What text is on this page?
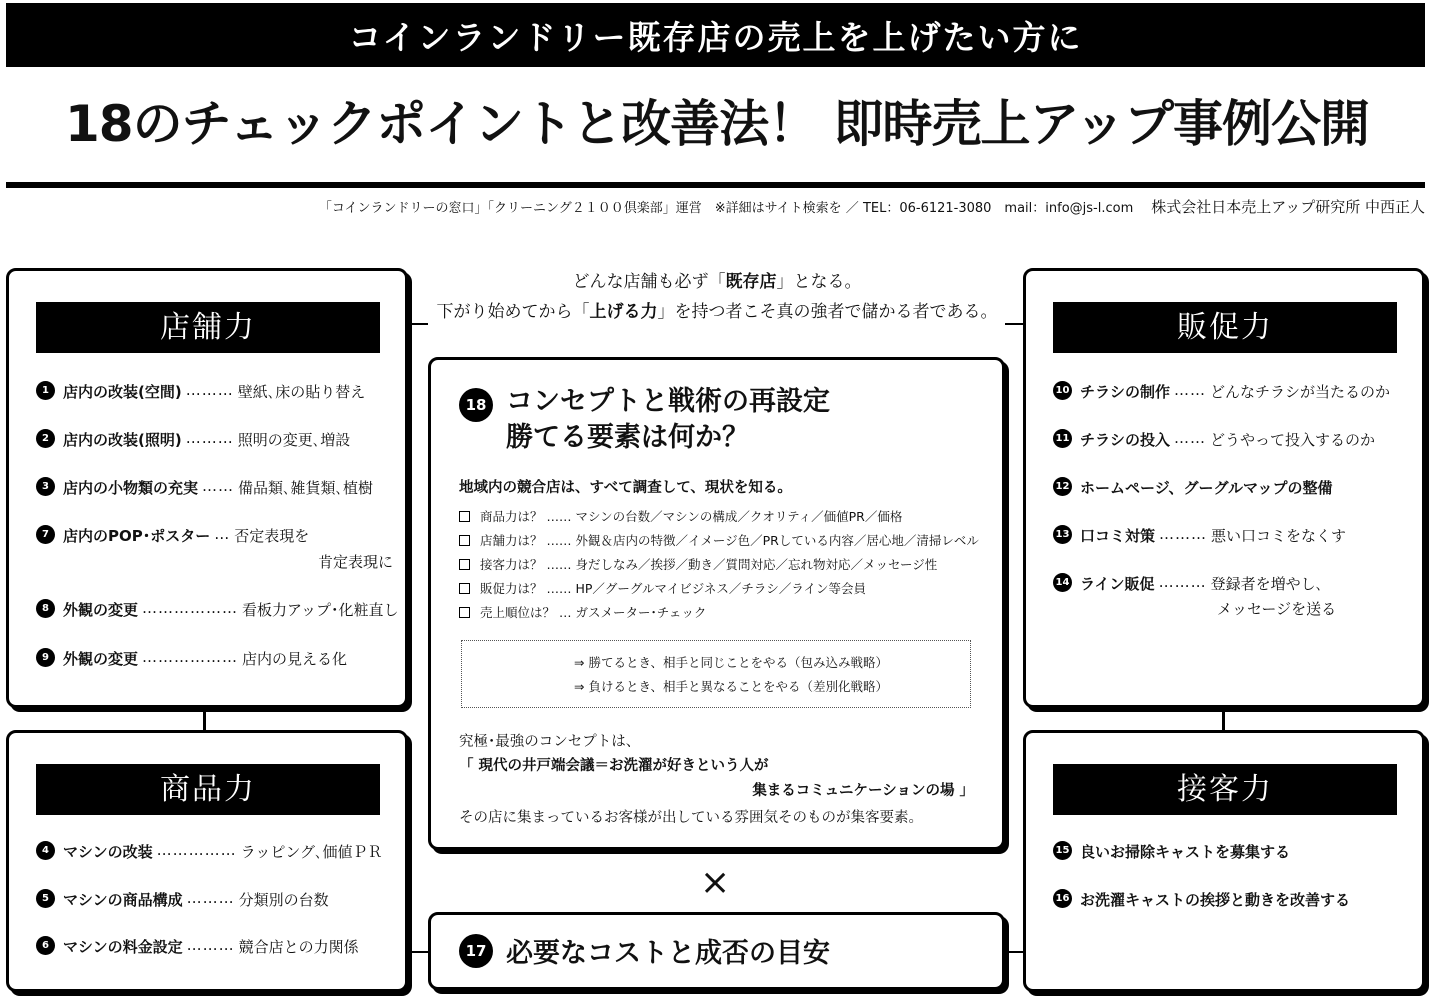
コインランドリー既存店の売上を上げたい方に
18のチェックポイントと改善法！ 即時売上アップ事例公開
「コインランドリーの窓口」「クリーニング２１００倶楽部」運営　※詳細はサイト検索を ／ TEL：06-6121-3080　mail：info@js-l.com 株式会社日本売上アップ研究所 中西正人
どんな店舗も必ず「既存店」となる。
下がり始めてから「上げる力」を持つ者こそ真の強者で儲かる者である。
店舗力
1 店内の改装(空間) ……… 壁紙､床の貼り替え
2 店内の改装(照明) ……… 照明の変更､増設
3 店内の小物類の充実 …… 備品類､雑貨類､植樹
7 店内のPOP･ポスター … 否定表現を
肯定表現に
8 外観の変更 ……………… 看板力アップ･化粧直し
9 外観の変更 ……………… 店内の見える化
商品力
4 マシンの改装 …………… ラッピング､価値ＰＲ
5 マシンの商品構成 ……… 分類別の台数
6 マシンの料金設定 ……… 競合店との力関係
販促力
10 チラシの制作 …… どんなチラシが当たるのか
11 チラシの投入 …… どうやって投入するのか
12 ホームページ、グーグルマップの整備
13 口コミ対策 ……… 悪い口コミをなくす
14 ライン販促 ……… 登録者を増やし､
メッセージを送る
接客力
15 良いお掃除キャストを募集する
16 お洗濯キャストの挨拶と動きを改善する
18 コンセプトと戦術の再設定
勝てる要素は何か？
地域内の競合店は、すべて調査して、現状を知る。
商品力は？ …… マシンの台数／マシンの構成／クオリティ／価値PR／価格
店舗力は？ …… 外観＆店内の特徴／イメージ色／PRしている内容／居心地／清掃レベル
接客力は？ …… 身だしなみ／挨拶／動き／質問対応／忘れ物対応／メッセージ性
販促力は？ …… HP／グーグルマイビジネス／チラシ／ライン等会員
売上順位は？ … ガスメーター･チェック
⇒ 勝てるとき、相手と同じことをやる（包み込み戦略）
⇒ 負けるとき、相手と異なることをやる（差別化戦略）
究極･最強のコンセプトは、
「 現代の井戸端会議＝お洗濯が好きという人が
集まるコミュニケーションの場 」
その店に集まっているお客様が出している雰囲気そのものが集客要素。
×
17 必要なコストと成否の目安
